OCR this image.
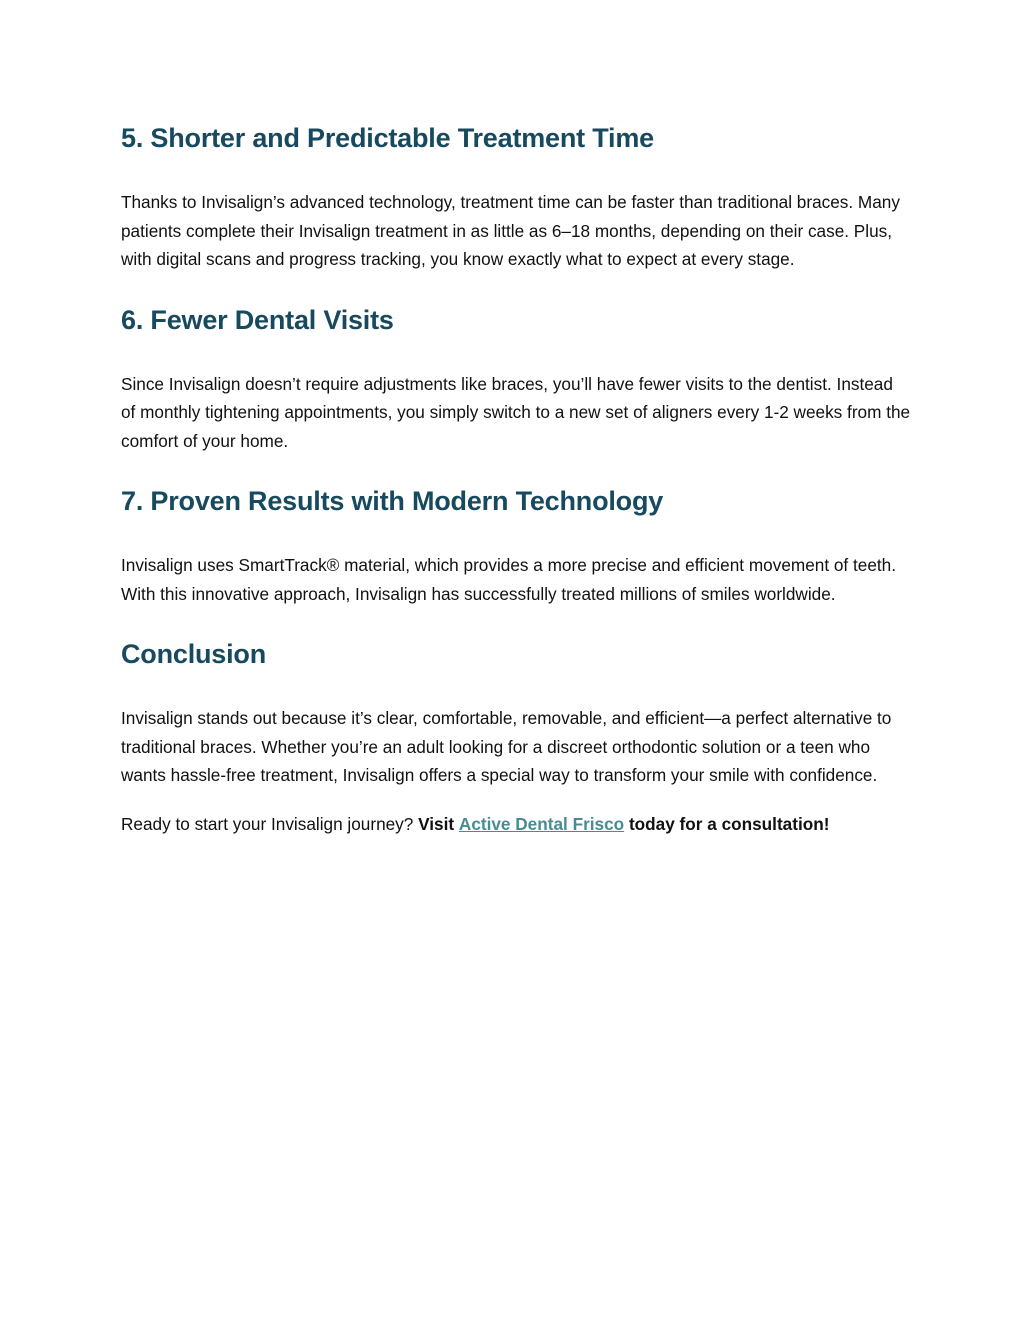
5. Shorter and Predictable Treatment Time

Thanks to Invisalign’s advanced technology, treatment time can be faster than traditional braces. Many patients complete their Invisalign treatment in as little as 6–18 months, depending on their case. Plus, with digital scans and progress tracking, you know exactly what to expect at every stage.

6. Fewer Dental Visits

Since Invisalign doesn’t require adjustments like braces, you’ll have fewer visits to the dentist. Instead of monthly tightening appointments, you simply switch to a new set of aligners every 1-2 weeks from the comfort of your home.

7. Proven Results with Modern Technology

Invisalign uses SmartTrack® material, which provides a more precise and efficient movement of teeth. With this innovative approach, Invisalign has successfully treated millions of smiles worldwide.

Conclusion

Invisalign stands out because it’s clear, comfortable, removable, and efficient—a perfect alternative to traditional braces. Whether you’re an adult looking for a discreet orthodontic solution or a teen who wants hassle-free treatment, Invisalign offers a special way to transform your smile with confidence.

Ready to start your Invisalign journey? Visit Active Dental Frisco today for a consultation!
